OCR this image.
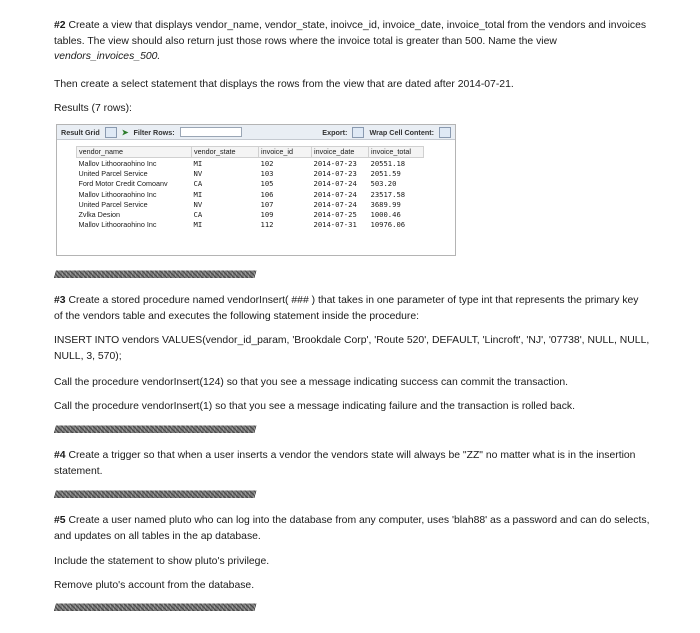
#2 Create a view that displays vendor_name, vendor_state, inoivce_id, invoice_date, invoice_total from the vendors and invoices tables. The view should also return just those rows where the invoice total is greater than 500. Name the view vendors_invoices_500.

Then create a select statement that displays the rows from the view that are dated after 2014-07-21.

Results (7 rows):

Result Grid	➤ Filter Rows:	Export:	Wrap Cell Content:
vendor_name	vendor_state	invoice_id	invoice_date	invoice_total
Mallov Lithooraohino Inc	MI	102	2014-07-23	20551.18
United Parcel Service	NV	103	2014-07-23	2051.59
Ford Motor Credit Comoanv	CA	105	2014-07-24	503.20
Mallov Lithooraohino Inc	MI	106	2014-07-24	23517.58
United Parcel Service	NV	107	2014-07-24	3689.99
Zvlka Desion	CA	109	2014-07-25	1000.46
Mallov Lithooraohino Inc	MI	112	2014-07-31	10976.06
////////////////////////////////////////////////////////////////////////////////////////////////////////////////////////////////////////////////////////////

#3 Create a stored procedure named vendorInsert( ### ) that takes in one parameter of type int that represents the primary key of the vendors table and executes the following statement inside the procedure:

INSERT INTO vendors VALUES(vendor_id_param, 'Brookdale Corp', 'Route 520', DEFAULT, 'Lincroft', 'NJ', '07738', NULL, NULL, NULL, 3, 570);

Call the procedure vendorInsert(124) so that you see a message indicating success can commit the transaction.

Call the procedure vendorInsert(1) so that you see a message indicating failure and the transaction is rolled back.

////////////////////////////////////////////////////////////////////////////////////////////////////////////////////////////////////////////////////////////

#4 Create a trigger so that when a user inserts a vendor the vendors state will always be "ZZ" no matter what is in the insertion statement.

////////////////////////////////////////////////////////////////////////////////////////////////////////////////////////////////////////////////////////////

#5 Create a user named pluto who can log into the database from any computer, uses 'blah88' as a password and can do selects, and updates on all tables in the ap database.

Include the statement to show pluto's privilege.

Remove pluto's account from the database.

////////////////////////////////////////////////////////////////////////////////////////////////////////////////////////////////////////////////////////////
